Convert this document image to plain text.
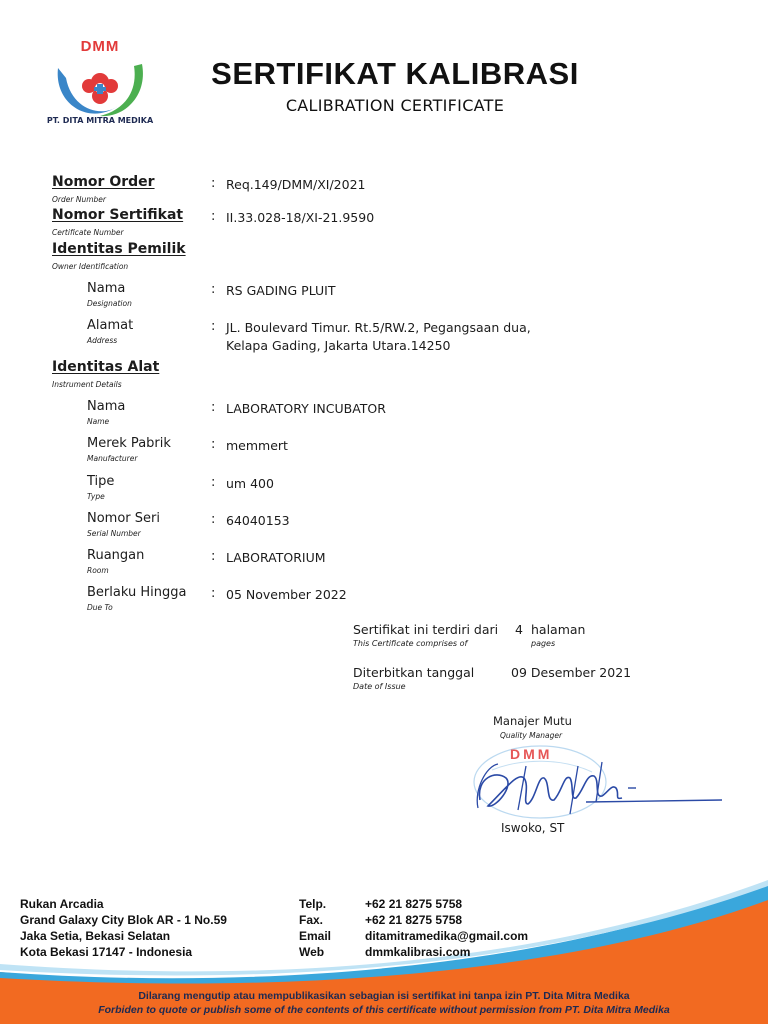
DMM
PT. DITA MITRA MEDIKA
SERTIFIKAT KALIBRASI
CALIBRATION CERTIFICATE
Nomor Order
Order Number
: Req.149/DMM/XI/2021
Nomor Sertifikat
Certificate Number
: II.33.028-18/XI-21.9590
Identitas Pemilik
Owner Identification
Nama
Designation
: RS GADING PLUIT
Alamat
Address
: JL. Boulevard Timur. Rt.5/RW.2, Pegangsaan dua,
Kelapa Gading, Jakarta Utara.14250
Identitas Alat
Instrument Details
Nama
Name
: LABORATORY INCUBATOR
Merek Pabrik
Manufacturer
: memmert
Tipe
Type
: um 400
Nomor Seri
Serial Number
: 64040153
Ruangan
Room
: LABORATORIUM
Berlaku Hingga
Due To
: 05 November 2022
Sertifikat ini terdiri dari
This Certificate comprises of
4 halaman
pages
Diterbitkan tanggal
Date of Issue
09 Desember 2021
Manajer Mutu
Quality Manager
DMM
Iswoko, ST
Rukan Arcadia
Grand Galaxy City Blok AR - 1 No.59
Jaka Setia, Bekasi Selatan
Kota Bekasi 17147 - Indonesia
Telp.
Fax.
Email
Web
+62 21 8275 5758
+62 21 8275 5758
ditamitramedika@gmail.com
dmmkalibrasi.com
Dilarang mengutip atau mempublikasikan sebagian isi sertifikat ini tanpa izin PT. Dita Mitra Medika
Forbiden to quote or publish some of the contents of this certificate without permission from PT. Dita Mitra Medika
